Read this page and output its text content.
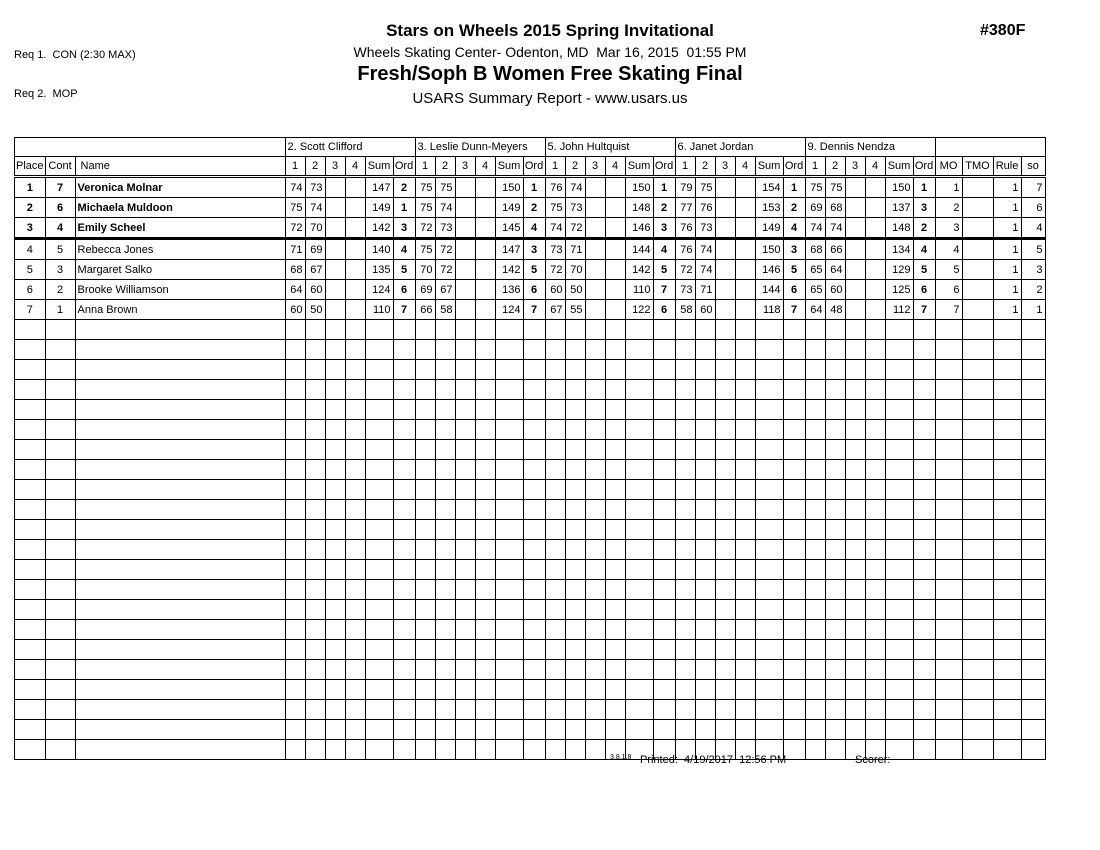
Req 1.  CON (2:30 MAX)

Req 2.  MOP

Stars on Wheels 2015 Spring Invitational
Wheels Skating Center- Odenton, MD  Mar 16, 2015  01:55 PM
Fresh/Soph B Women Free Skating Final
USARS Summary Report - www.usars.us
#380F
			2. Scott Clifford						3. Leslie Dunn-Meyers						5. John Hultquist						6. Janet Jordan						9. Dennis Nendza									
Place	Cont	Name	1	2	3	4	Sum	Ord	1	2	3	4	Sum	Ord	1	2	3	4	Sum	Ord	1	2	3	4	Sum	Ord	1	2	3	4	Sum	Ord	MO	TMO	Rule	so
1	7	Veronica Molnar	74	73			147	2	75	75			150	1	76	74			150	1	79	75			154	1	75	75			150	1	1		1	7
2	6	Michaela Muldoon	75	74			149	1	75	74			149	2	75	73			148	2	77	76			153	2	69	68			137	3	2		1	6
3	4	Emily Scheel	72	70			142	3	72	73			145	4	74	72			146	3	76	73			149	4	74	74			148	2	3		1	4
4	5	Rebecca Jones	71	69			140	4	75	72			147	3	73	71			144	4	76	74			150	3	68	66			134	4	4		1	5
5	3	Margaret Salko	68	67			135	5	70	72			142	5	72	70			142	5	72	74			146	5	65	64			129	5	5		1	3
6	2	Brooke Williamson	64	60			124	6	69	67			136	6	60	50			110	7	73	71			144	6	65	60			125	6	6		1	2
7	1	Anna Brown	60	50			110	7	66	58			124	7	67	55			122	6	58	60			118	7	64	48			112	7	7		1	1

3.8.1.8 Printed: 4/19/2017  12:56 PM	Scorer:
